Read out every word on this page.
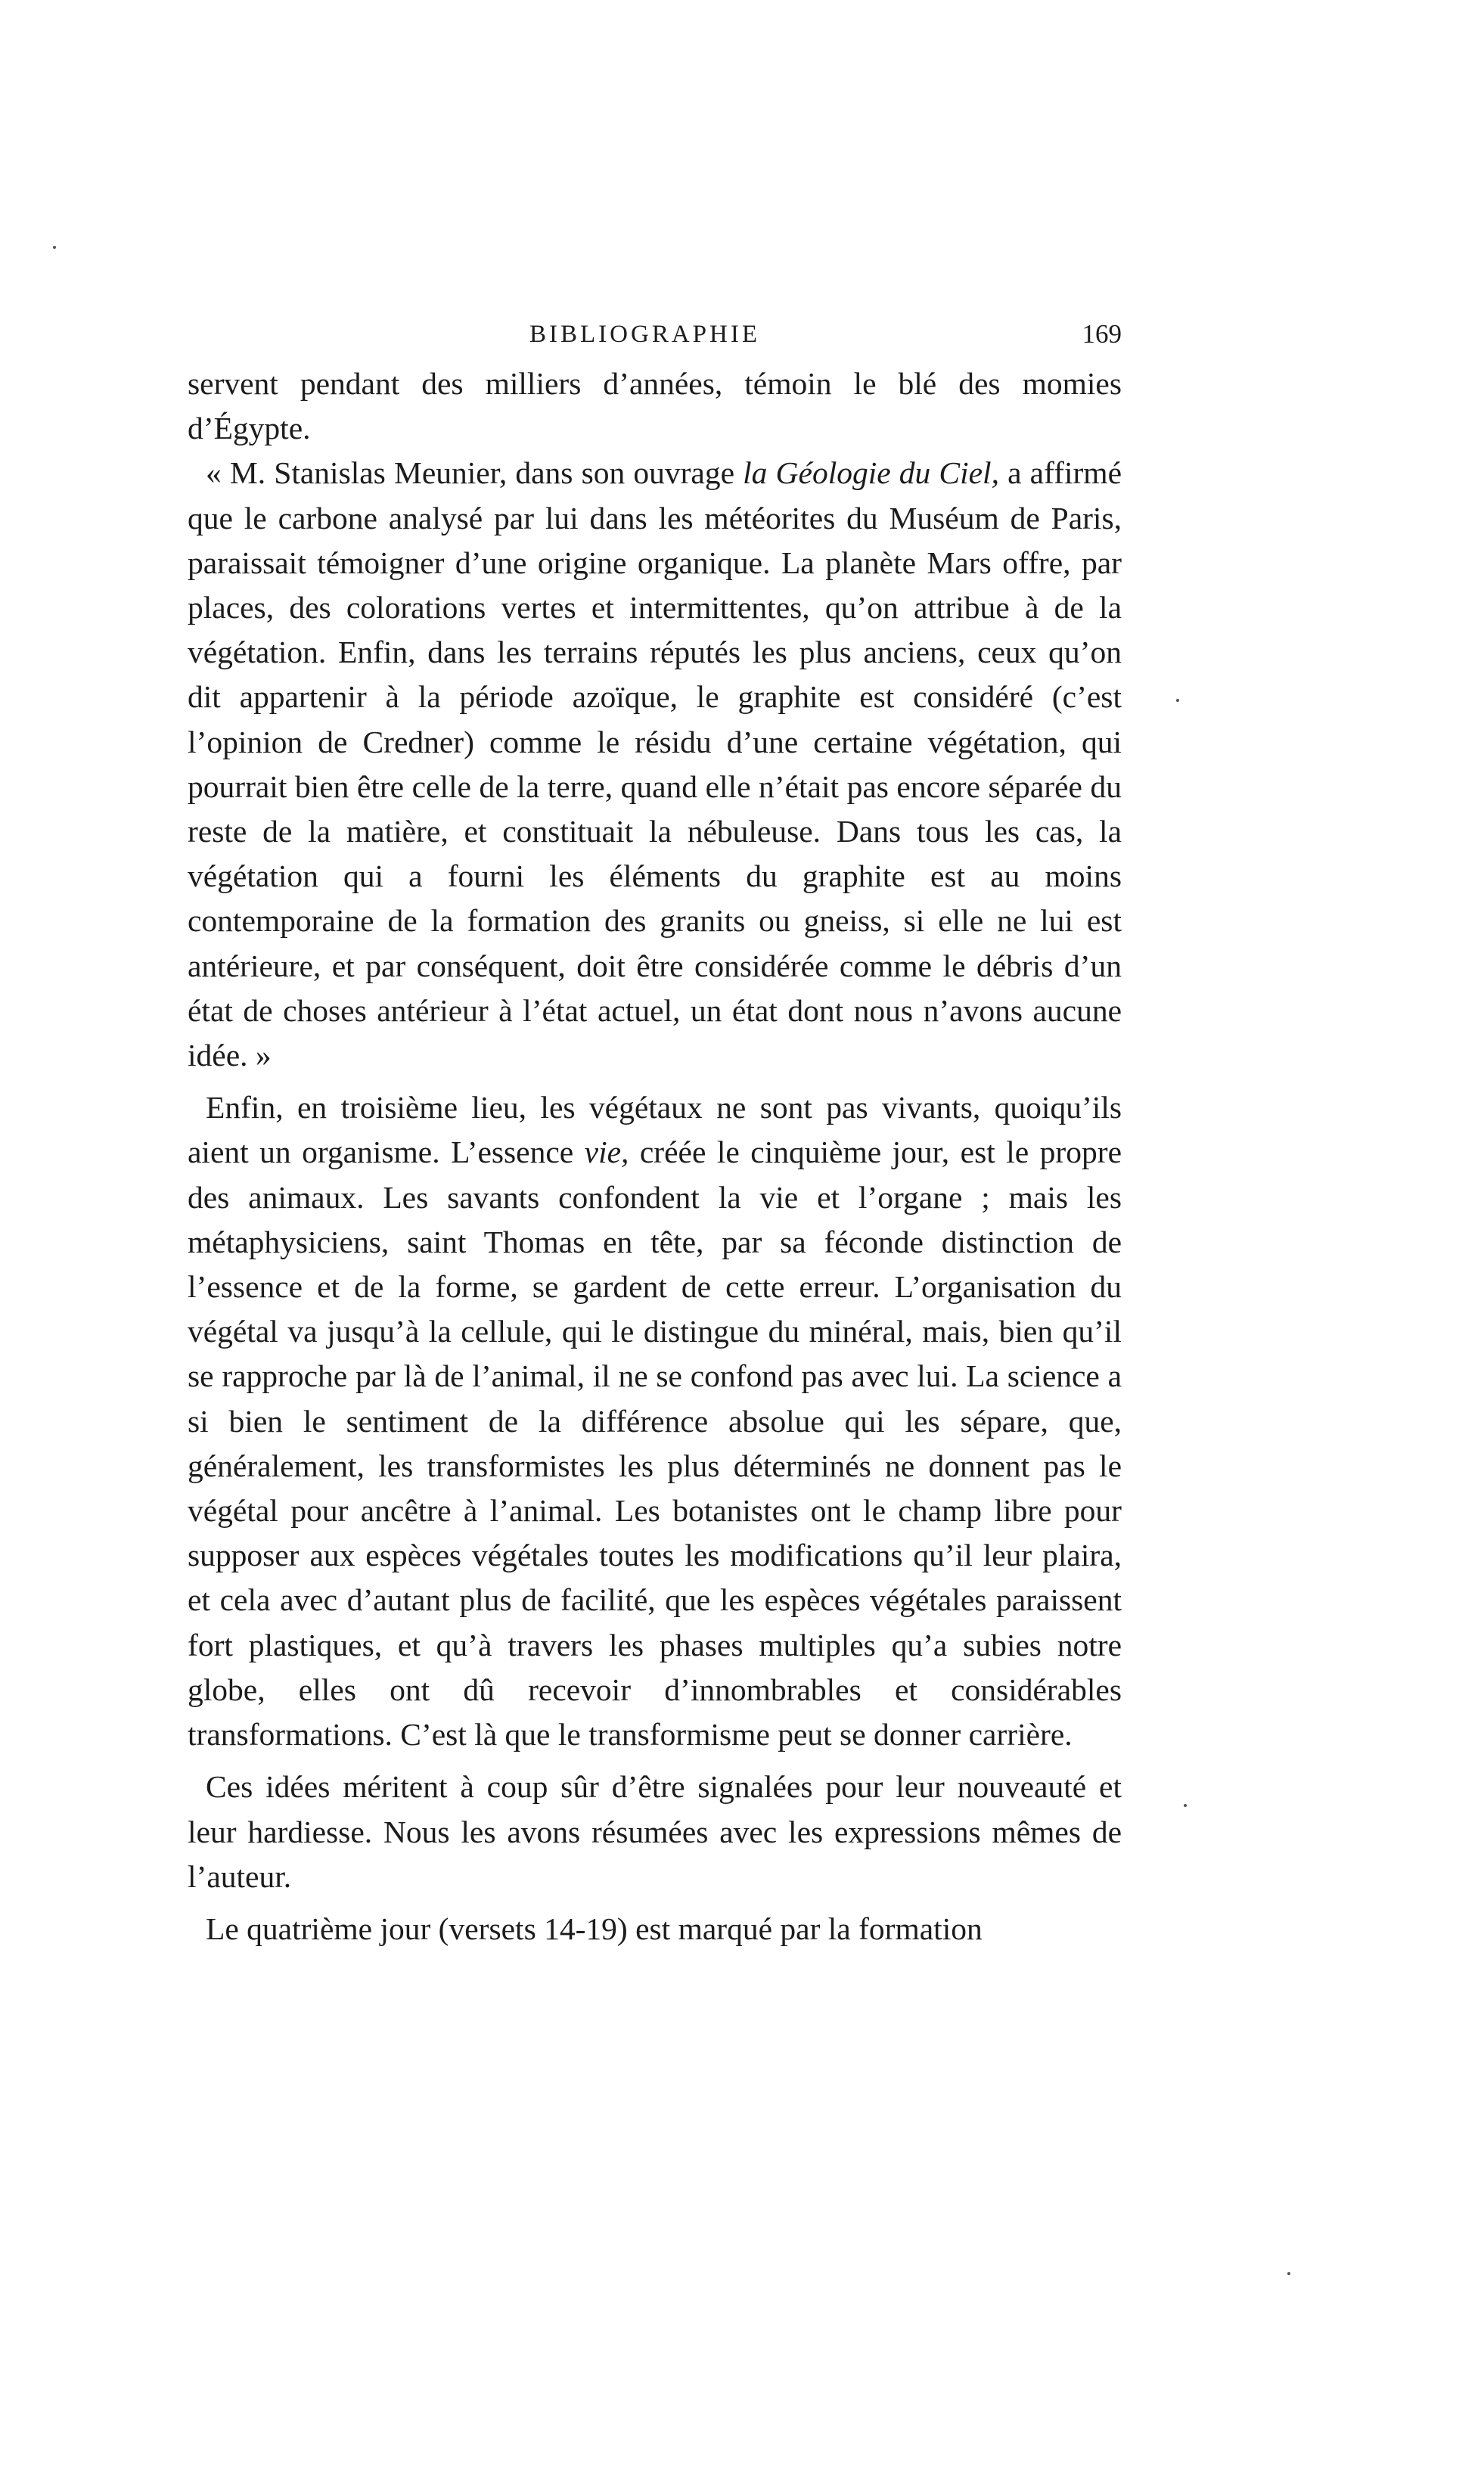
BIBLIOGRAPHIE	169

servent pendant des milliers d’années, témoin le blé des momies d’Égypte.

« M. Stanislas Meunier, dans son ouvrage la Géologie du Ciel, a affirmé que le carbone analysé par lui dans les météorites du Muséum de Paris, paraissait témoigner d’une origine organique. La planète Mars offre, par places, des colorations vertes et intermittentes, qu’on attribue à de la végétation. Enfin, dans les terrains réputés les plus anciens, ceux qu’on dit appartenir à la période azoïque, le graphite est considéré (c’est l’opinion de Credner) comme le résidu d’une certaine végétation, qui pourrait bien être celle de la terre, quand elle n’était pas encore séparée du reste de la matière, et constituait la nébuleuse. Dans tous les cas, la végétation qui a fourni les éléments du graphite est au moins contemporaine de la formation des granits ou gneiss, si elle ne lui est antérieure, et par conséquent, doit être considérée comme le débris d’un état de choses antérieur à l’état actuel, un état dont nous n’avons aucune idée. »

Enfin, en troisième lieu, les végétaux ne sont pas vivants, quoiqu’ils aient un organisme. L’essence vie, créée le cinquième jour, est le propre des animaux. Les savants confondent la vie et l’organe ; mais les métaphysiciens, saint Thomas en tête, par sa féconde distinction de l’essence et de la forme, se gardent de cette erreur. L’organisation du végétal va jusqu’à la cellule, qui le distingue du minéral, mais, bien qu’il se rapproche par là de l’animal, il ne se confond pas avec lui. La science a si bien le sentiment de la différence absolue qui les sépare, que, généralement, les transformistes les plus déterminés ne donnent pas le végétal pour ancêtre à l’animal. Les botanistes ont le champ libre pour supposer aux espèces végétales toutes les modifications qu’il leur plaira, et cela avec d’autant plus de facilité, que les espèces végétales paraissent fort plastiques, et qu’à travers les phases multiples qu’a subies notre globe, elles ont dû recevoir d’innombrables et considérables transformations. C’est là que le transformisme peut se donner carrière.

Ces idées méritent à coup sûr d’être signalées pour leur nouveauté et leur hardiesse. Nous les avons résumées avec les expressions mêmes de l’auteur.

Le quatrième jour (versets 14-19) est marqué par la formation
